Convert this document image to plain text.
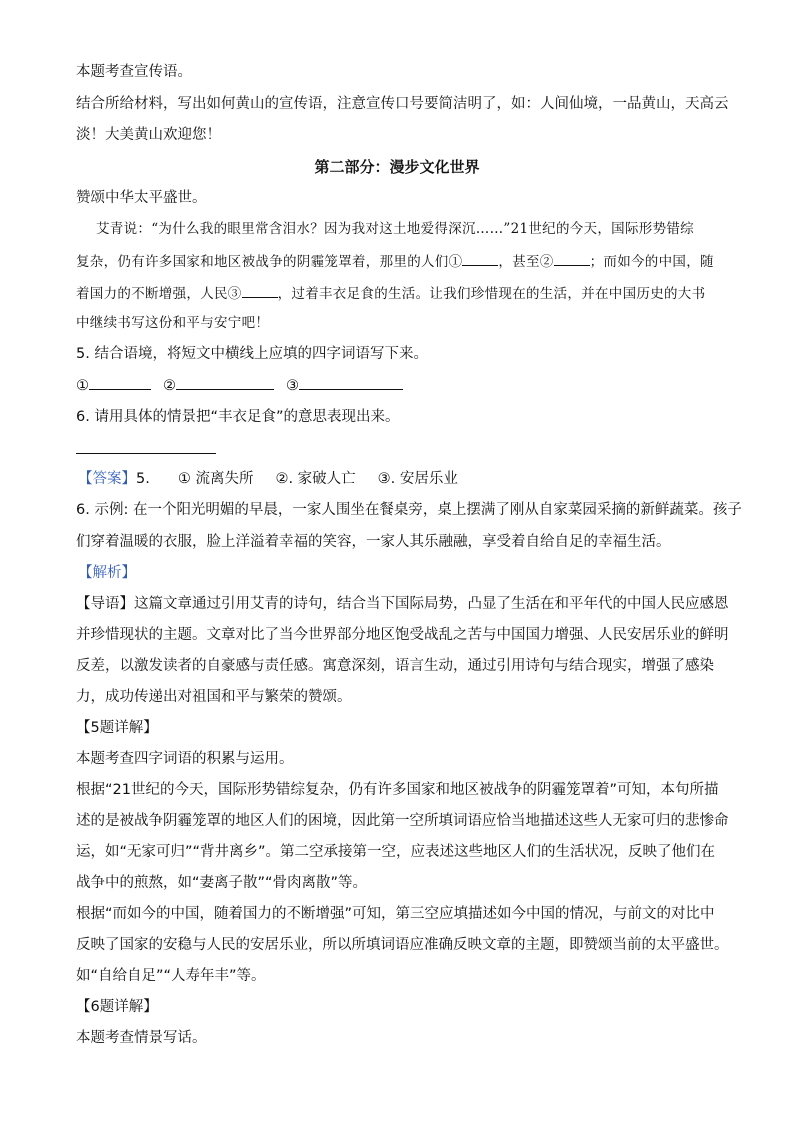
本题考查宣传语。
结合所给材料，写出如何黄山的宣传语，注意宣传口号要简洁明了，如：人间仙境，一品黄山，天高云
淡！大美黄山欢迎您！
第二部分：漫步文化世界
赞颂中华太平盛世。
艾青说：“为什么我的眼里常含泪水？因为我对这土地爱得深沉……”21世纪的今天，国际形势错综
复杂，仍有许多国家和地区被战争的阴霾笼罩着，那里的人们①	，甚至②	；而如今的中国，随
着国力的不断增强，人民③	，过着丰衣足食的生活。让我们珍惜现在的生活，并在中国历史的大书
中继续书写这份和平与安宁吧！
5. 结合语境，将短文中横线上应填的四字词语写下来。
①	②	③
6. 请用具体的情景把“丰衣足食”的意思表现出来。
【答案】5. ① 流离失所 ②. 家破人亡 ③. 安居乐业
6. 示例: 在一个阳光明媚的早晨，一家人围坐在餐桌旁，桌上摆满了刚从自家菜园采摘的新鲜蔬菜。孩子
们穿着温暖的衣服，脸上洋溢着幸福的笑容，一家人其乐融融，享受着自给自足的幸福生活。
【解析】
【导语】这篇文章通过引用艾青的诗句，结合当下国际局势，凸显了生活在和平年代的中国人民应感恩
并珍惜现状的主题。文章对比了当今世界部分地区饱受战乱之苦与中国国力增强、人民安居乐业的鲜明
反差，以激发读者的自豪感与责任感。寓意深刻，语言生动，通过引用诗句与结合现实，增强了感染
力，成功传递出对祖国和平与繁荣的赞颂。
【5题详解】
本题考查四字词语的积累与运用。
根据“21世纪的今天，国际形势错综复杂，仍有许多国家和地区被战争的阴霾笼罩着”可知，本句所描
述的是被战争阴霾笼罩的地区人们的困境，因此第一空所填词语应恰当地描述这些人无家可归的悲惨命
运，如“无家可归”“背井离乡”。第二空承接第一空，应表述这些地区人们的生活状况，反映了他们在
战争中的煎熬，如“妻离子散”“骨肉离散”等。
根据“而如今的中国，随着国力的不断增强”可知，第三空应填描述如今中国的情况，与前文的对比中
反映了国家的安稳与人民的安居乐业，所以所填词语应准确反映文章的主题，即赞颂当前的太平盛世。
如“自给自足”“人寿年丰”等。
【6题详解】
本题考查情景写话。
